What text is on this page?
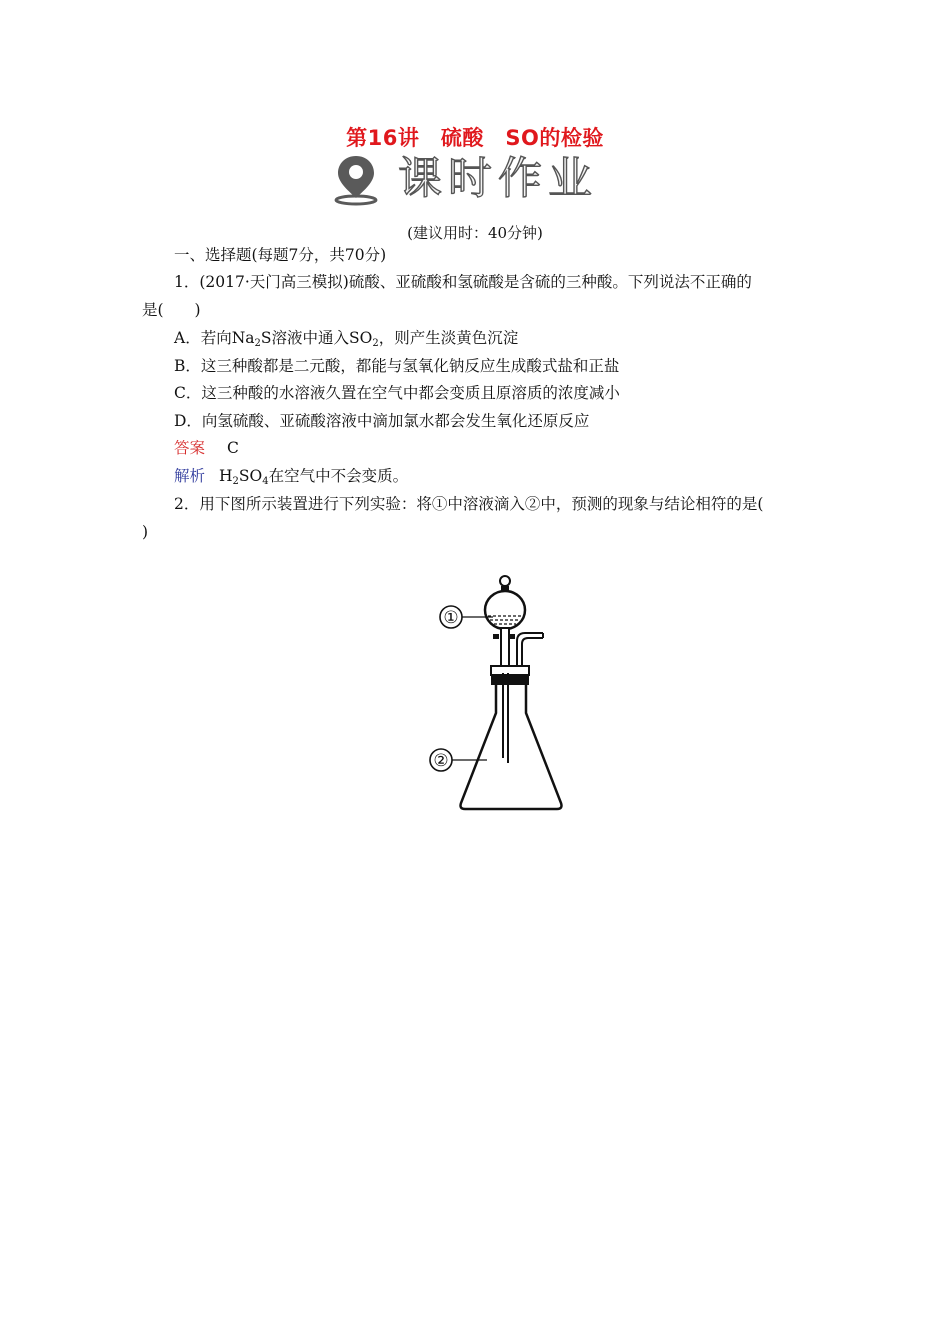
第16讲　硫酸　SO的检验
课时作业
(建议用时：40分钟)
一、选择题(每题7分，共70分)
1．(2017·天门高三模拟)硫酸、亚硫酸和氢硫酸是含硫的三种酸。下列说法不正确的
是(　　)
A．若向$Na_2S$溶液中通入$SO_2$，则产生淡黄色沉淀
B．这三种酸都是二元酸，都能与氢氧化钠反应生成酸式盐和正盐
C．这三种酸的水溶液久置在空气中都会变质且原溶质的浓度减小
D．向氢硫酸、亚硫酸溶液中滴加氯水都会发生氧化还原反应
答案 C
解析 $H_2SO_4$在空气中不会变质。
2．用下图所示装置进行下列实验：将①中溶液滴入②中，预测的现象与结论相符的是(
)
①
②
